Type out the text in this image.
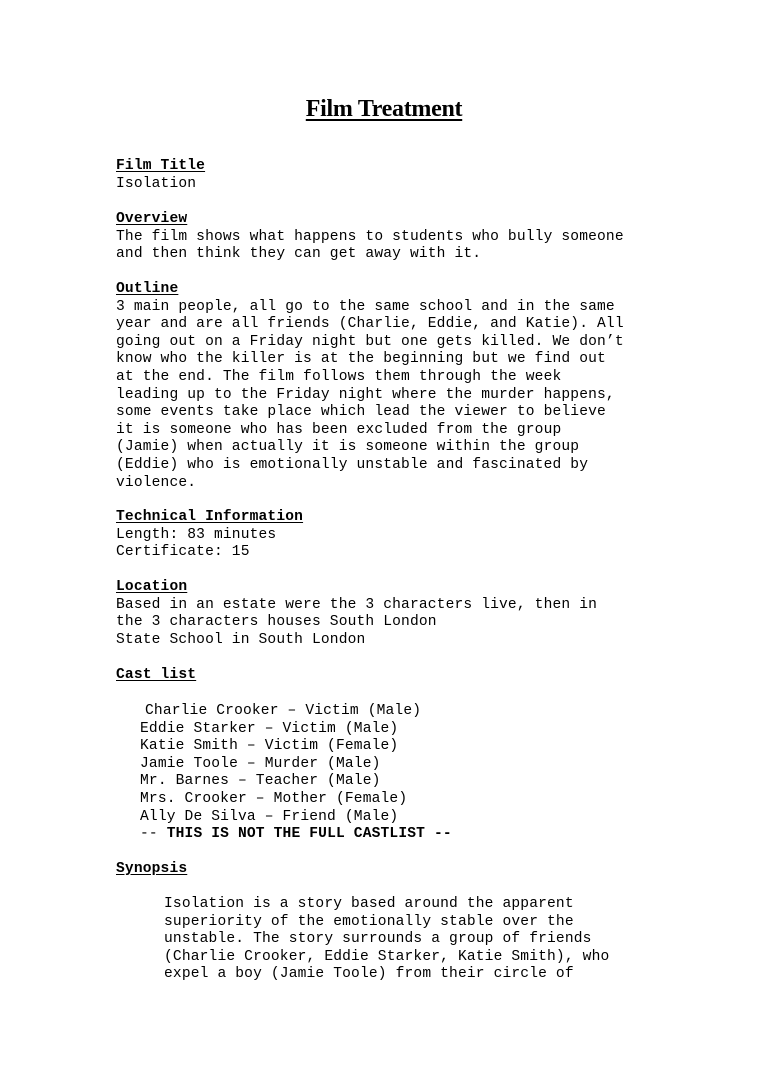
Film Treatment
Film Title
Isolation
Overview
The film shows what happens to students who bully someone
and then think they can get away with it.
Outline
3 main people, all go to the same school and in the same
year and are all friends (Charlie, Eddie, and Katie). All
going out on a Friday night but one gets killed. We don’t
know who the killer is at the beginning but we find out
at the end. The film follows them through the week
leading up to the Friday night where the murder happens,
some events take place which lead the viewer to believe
it is someone who has been excluded from the group
(Jamie) when actually it is someone within the group
(Eddie) who is emotionally unstable and fascinated by
violence.
Technical Information
Length: 83 minutes
Certificate: 15
Location
Based in an estate were the 3 characters live, then in
the 3 characters houses South London
State School in South London
Cast list
Charlie Crooker – Victim (Male)
Eddie Starker – Victim (Male)
Katie Smith – Victim (Female)
Jamie Toole – Murder (Male)
Mr. Barnes – Teacher (Male)
Mrs. Crooker – Mother (Female)
Ally De Silva – Friend (Male)
-- THIS IS NOT THE FULL CASTLIST --
Synopsis
Isolation is a story based around the apparent
superiority of the emotionally stable over the
unstable. The story surrounds a group of friends
(Charlie Crooker, Eddie Starker, Katie Smith), who
expel a boy (Jamie Toole) from their circle of
